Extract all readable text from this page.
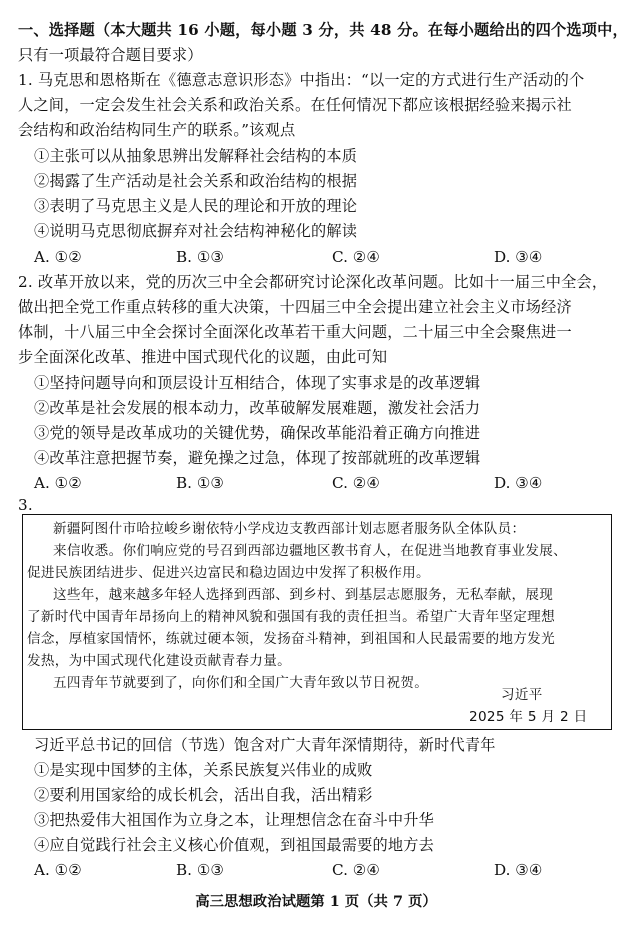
一、选择题（本大题共 16 小题，每小题 3 分，共 48 分。在每小题给出的四个选项中，
只有一项最符合题目要求）
1. 马克思和恩格斯在《德意志意识形态》中指出：“以一定的方式进行生产活动的个
人之间，一定会发生社会关系和政治关系。在任何情况下都应该根据经验来揭示社
会结构和政治结构同生产的联系。”该观点
①主张可以从抽象思辨出发解释社会结构的本质
②揭露了生产活动是社会关系和政治结构的根据
③表明了马克思主义是人民的理论和开放的理论
④说明马克思彻底摒弃对社会结构神秘化的解读
A. ①②	B. ①③	C. ②④	D. ③④
2. 改革开放以来，党的历次三中全会都研究讨论深化改革问题。比如十一届三中全会，
做出把全党工作重点转移的重大决策，十四届三中全会提出建立社会主义市场经济
体制，十八届三中全会探讨全面深化改革若干重大问题，二十届三中全会聚焦进一
步全面深化改革、推进中国式现代化的议题，由此可知
①坚持问题导向和顶层设计互相结合，体现了实事求是的改革逻辑
②改革是社会发展的根本动力，改革破解发展难题，激发社会活力
③党的领导是改革成功的关键优势，确保改革能沿着正确方向推进
④改革注意把握节奏，避免操之过急，体现了按部就班的改革逻辑
A. ①②	B. ①③	C. ②④	D. ③④
3.
新疆阿图什市哈拉峻乡谢依特小学戍边支教西部计划志愿者服务队全体队员：
来信收悉。你们响应党的号召到西部边疆地区教书育人，在促进当地教育事业发展、
促进民族团结进步、促进兴边富民和稳边固边中发挥了积极作用。
这些年，越来越多年轻人选择到西部、到乡村、到基层志愿服务，无私奉献，展现
了新时代中国青年昂扬向上的精神风貌和强国有我的责任担当。希望广大青年坚定理想
信念，厚植家国情怀，练就过硬本领，发扬奋斗精神，到祖国和人民最需要的地方发光
发热，为中国式现代化建设贡献青春力量。
五四青年节就要到了，向你们和全国广大青年致以节日祝贺。
习近平
2025 年 5 月 2 日
习近平总书记的回信（节选）饱含对广大青年深情期待，新时代青年
①是实现中国梦的主体，关系民族复兴伟业的成败
②要利用国家给的成长机会，活出自我，活出精彩
③把热爱伟大祖国作为立身之本，让理想信念在奋斗中升华
④应自觉践行社会主义核心价值观，到祖国最需要的地方去
A. ①②	B. ①③	C. ②④	D. ③④
高三思想政治试题第 1 页（共 7 页）
